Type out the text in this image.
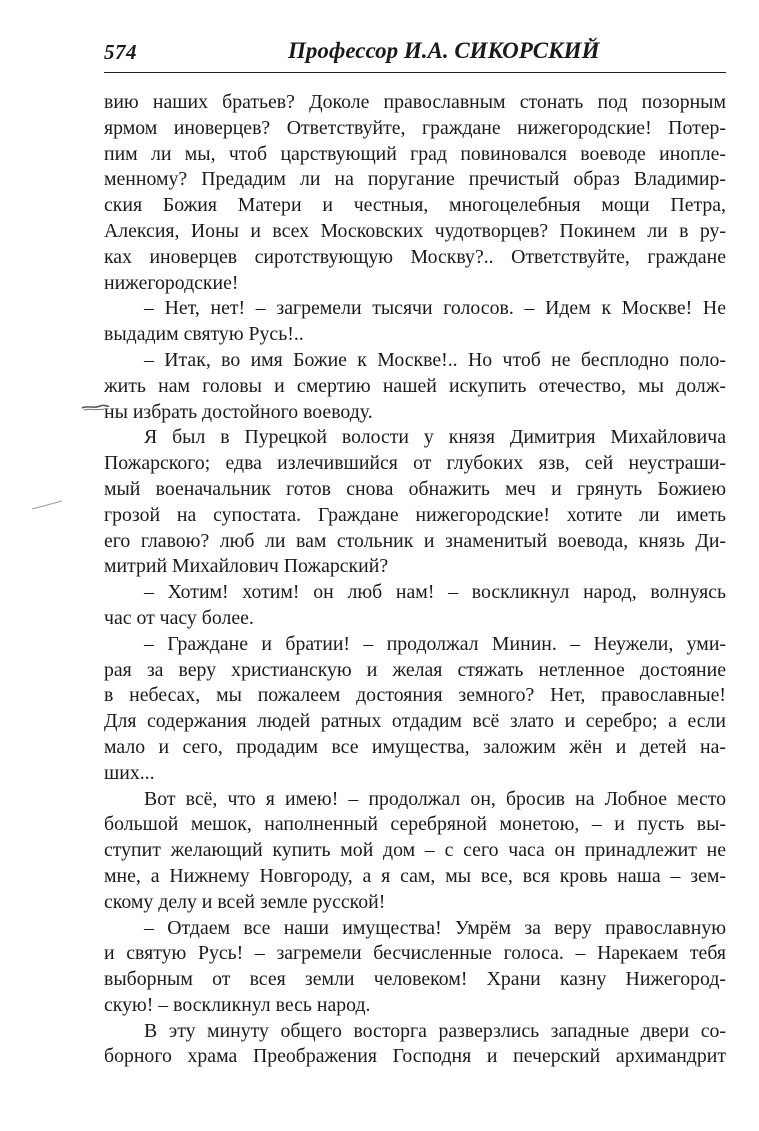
574	Профессор И.А. СИКОРСКИЙ
вию наших братьев? Доколе православным стонать под позорным
ярмом иноверцев? Ответствуйте, граждане нижегородские! Потер-
пим ли мы, чтоб царствующий град повиновался воеводе инопле-
менному? Предадим ли на поругание пречистый образ Владимир-
ския Божия Матери и честныя, многоцелебныя мощи Петра,
Алексия, Ионы и всех Московских чудотворцев? Покинем ли в ру-
ках иноверцев сиротствующую Москву?.. Ответствуйте, граждане
нижегородские!
– Нет, нет! – загремели тысячи голосов. – Идем к Москве! Не
выдадим святую Русь!..
– Итак, во имя Божие к Москве!.. Но чтоб не бесплодно поло-
жить нам головы и смертию нашей искупить отечество, мы долж-
ны избрать достойного воеводу.
Я был в Пурецкой волости у князя Димитрия Михайловича
Пожарского; едва излечившийся от глубоких язв, сей неустраши-
мый военачальник готов снова обнажить меч и грянуть Божиею
грозой на супостата. Граждане нижегородские! хотите ли иметь
его главою? люб ли вам стольник и знаменитый воевода, князь Ди-
митрий Михайлович Пожарский?
– Хотим! хотим! он люб нам! – воскликнул народ, волнуясь
час от часу более.
– Граждане и братии! – продолжал Минин. – Неужели, уми-
рая за веру христианскую и желая стяжать нетленное достояние
в небесах, мы пожалеем достояния земного? Нет, православные!
Для содержания людей ратных отдадим всё злато и серебро; а если
мало и сего, продадим все имущества, заложим жён и детей на-
ших...
Вот всё, что я имею! – продолжал он, бросив на Лобное место
большой мешок, наполненный серебряной монетою, – и пусть вы-
ступит желающий купить мой дом – с сего часа он принадлежит не
мне, а Нижнему Новгороду, а я сам, мы все, вся кровь наша – зем-
скому делу и всей земле русской!
– Отдаем все наши имущества! Умрём за веру православную
и святую Русь! – загремели бесчисленные голоса. – Нарекаем тебя
выборным от всея земли человеком! Храни казну Нижегород-
скую! – воскликнул весь народ.
В эту минуту общего восторга разверзлись западные двери со-
борного храма Преображения Господня и печерский архимандрит
